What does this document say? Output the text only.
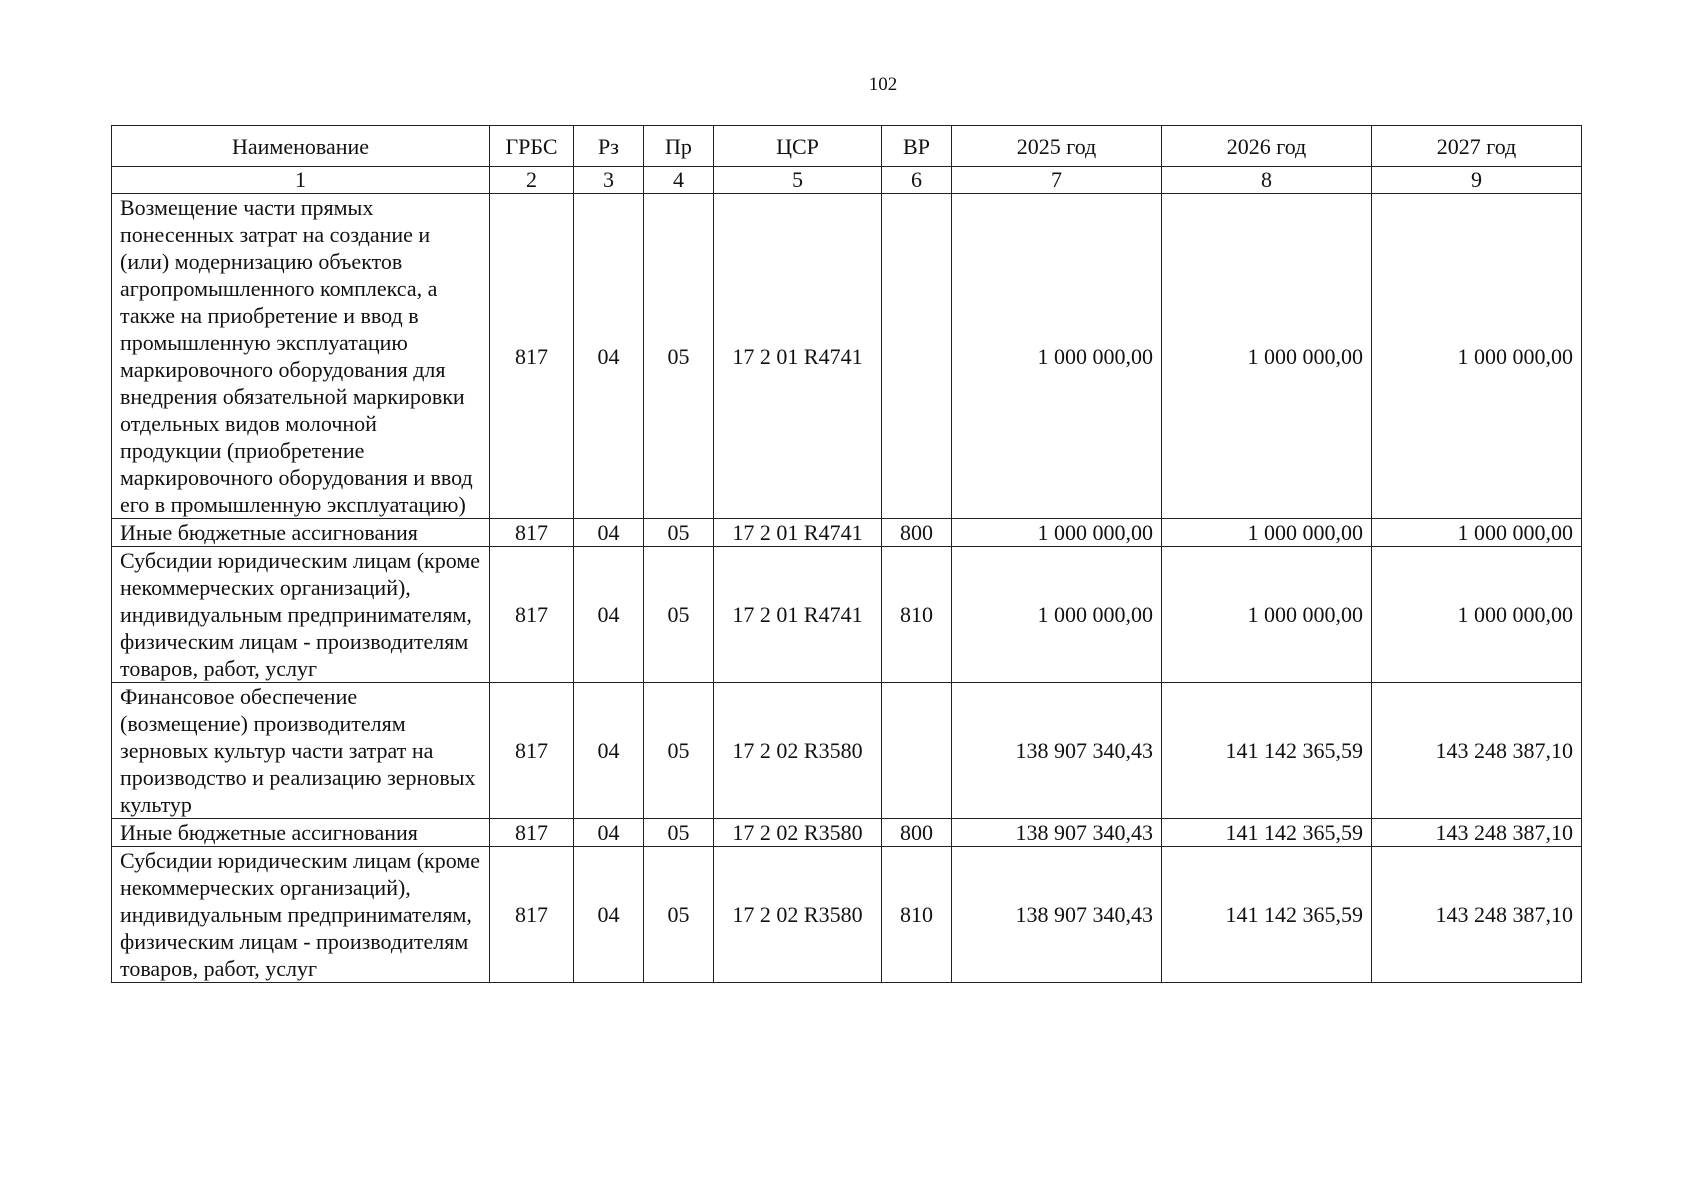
102
Наименование	ГРБС	Рз	Пр	ЦСР	ВР	2025 год	2026 год	2027 год
1	2	3	4	5	6	7	8	9
Возмещение части прямых понесенных затрат на создание и (или) модернизацию объектов агропромышленного комплекса, а также на приобретение и ввод в промышленную эксплуатацию маркировочного оборудования для внедрения обязательной маркировки отдельных видов молочной продукции (приобретение маркировочного оборудования и ввод его в промышленную эксплуатацию)	817	04	05	17 2 01 R4741		1 000 000,00	1 000 000,00	1 000 000,00
Иные бюджетные ассигнования	817	04	05	17 2 01 R4741	800	1 000 000,00	1 000 000,00	1 000 000,00
Субсидии юридическим лицам (кроме некоммерческих организаций), индивидуальным предпринимателям, физическим лицам - производителям товаров, работ, услуг	817	04	05	17 2 01 R4741	810	1 000 000,00	1 000 000,00	1 000 000,00
Финансовое обеспечение (возмещение) производителям зерновых культур части затрат на производство и реализацию зерновых культур	817	04	05	17 2 02 R3580		138 907 340,43	141 142 365,59	143 248 387,10
Иные бюджетные ассигнования	817	04	05	17 2 02 R3580	800	138 907 340,43	141 142 365,59	143 248 387,10
Субсидии юридическим лицам (кроме некоммерческих организаций), индивидуальным предпринимателям, физическим лицам - производителям товаров, работ, услуг	817	04	05	17 2 02 R3580	810	138 907 340,43	141 142 365,59	143 248 387,10
